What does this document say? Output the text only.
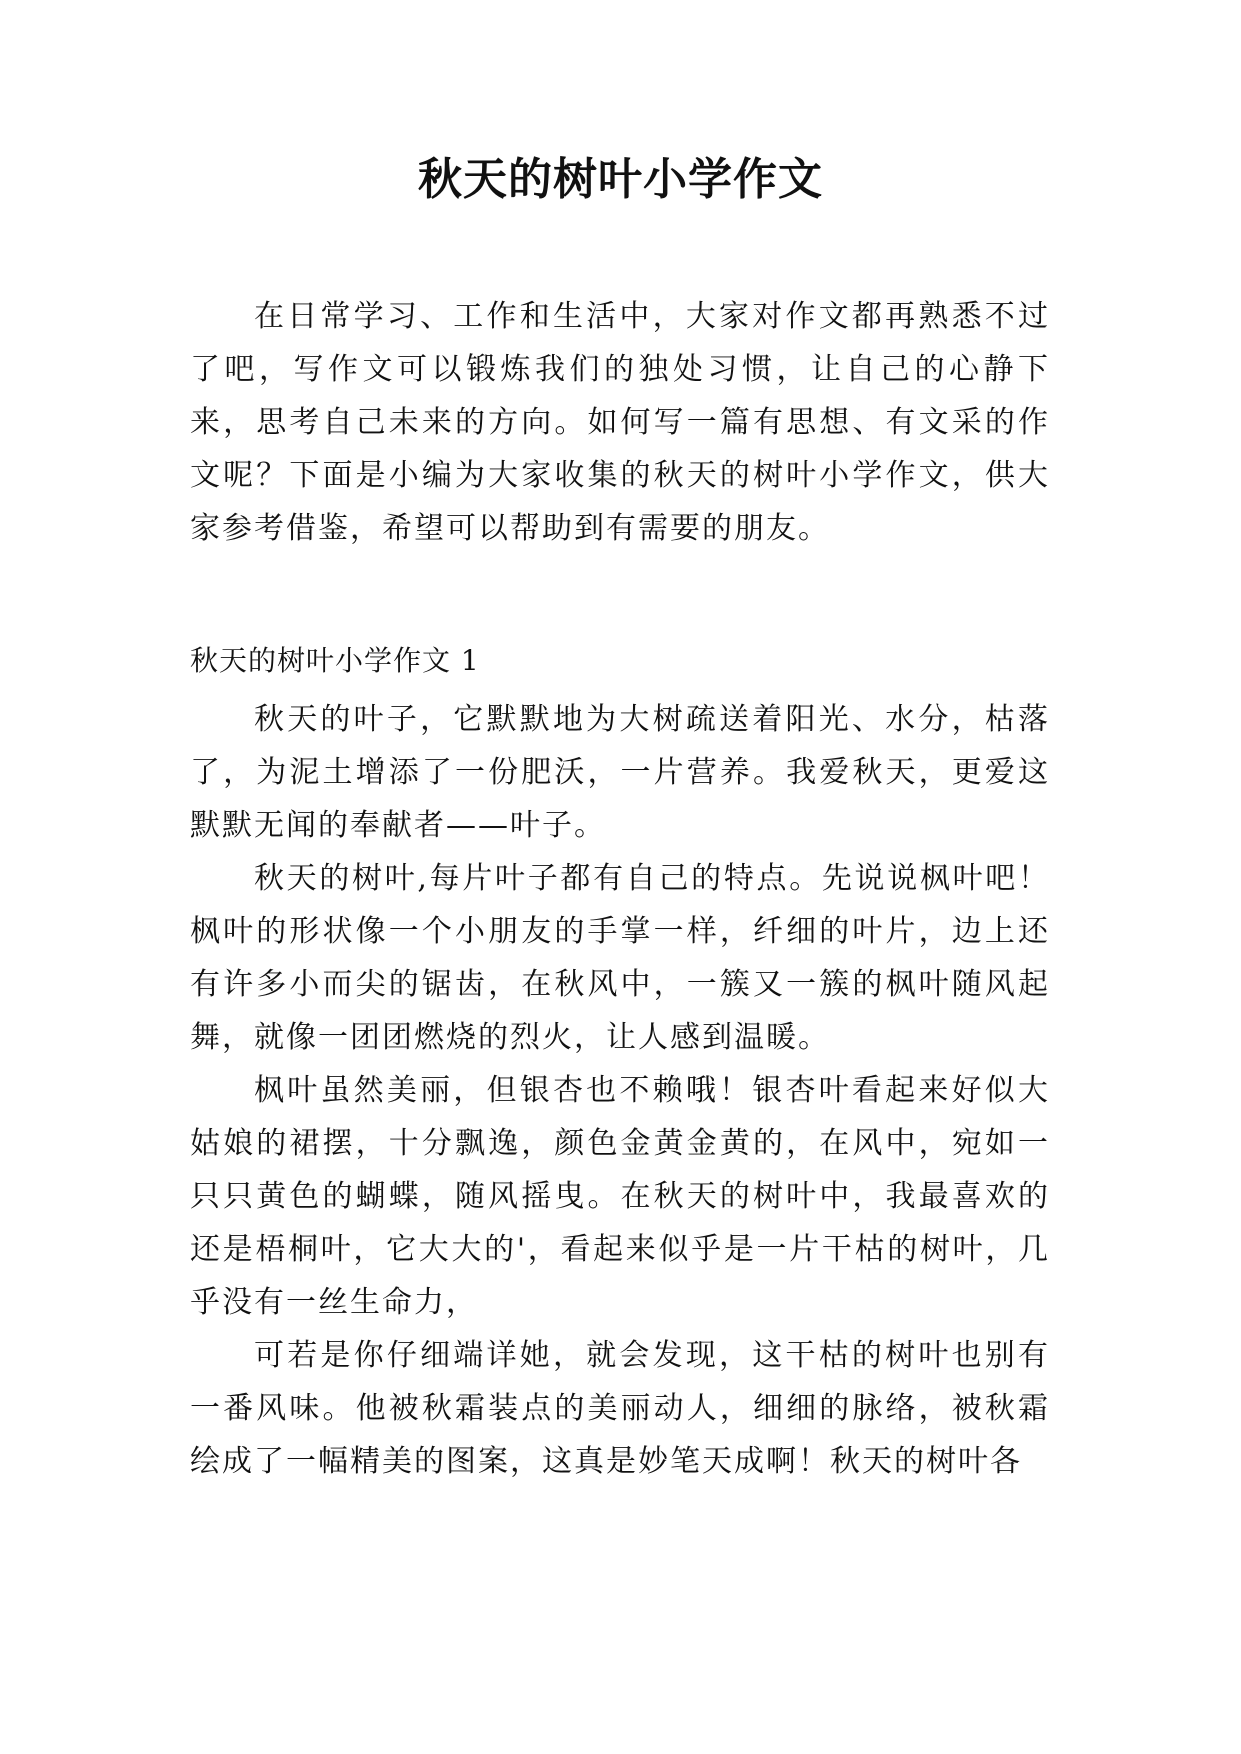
秋天的树叶小学作文

在日常学习、工作和生活中，大家对作文都再熟悉不过了吧，写作文可以锻炼我们的独处习惯，让自己的心静下来，思考自己未来的方向。如何写一篇有思想、有文采的作文呢？下面是小编为大家收集的秋天的树叶小学作文，供大家参考借鉴，希望可以帮助到有需要的朋友。

秋天的树叶小学作文 1

秋天的叶子，它默默地为大树疏送着阳光、水分，枯落了，为泥土增添了一份肥沃，一片营养。我爱秋天，更爱这默默无闻的奉献者——叶子。

秋天的树叶,每片叶子都有自己的特点。先说说枫叶吧！枫叶的形状像一个小朋友的手掌一样，纤细的叶片，边上还有许多小而尖的锯齿，在秋风中，一簇又一簇的枫叶随风起舞，就像一团团燃烧的烈火，让人感到温暖。

枫叶虽然美丽，但银杏也不赖哦！银杏叶看起来好似大姑娘的裙摆，十分飘逸，颜色金黄金黄的，在风中，宛如一只只黄色的蝴蝶，随风摇曳。在秋天的树叶中，我最喜欢的还是梧桐叶，它大大的'，看起来似乎是一片干枯的树叶，几乎没有一丝生命力，

可若是你仔细端详她，就会发现，这干枯的树叶也别有一番风味。他被秋霜装点的美丽动人，细细的脉络，被秋霜绘成了一幅精美的图案，这真是妙笔天成啊！秋天的树叶各
